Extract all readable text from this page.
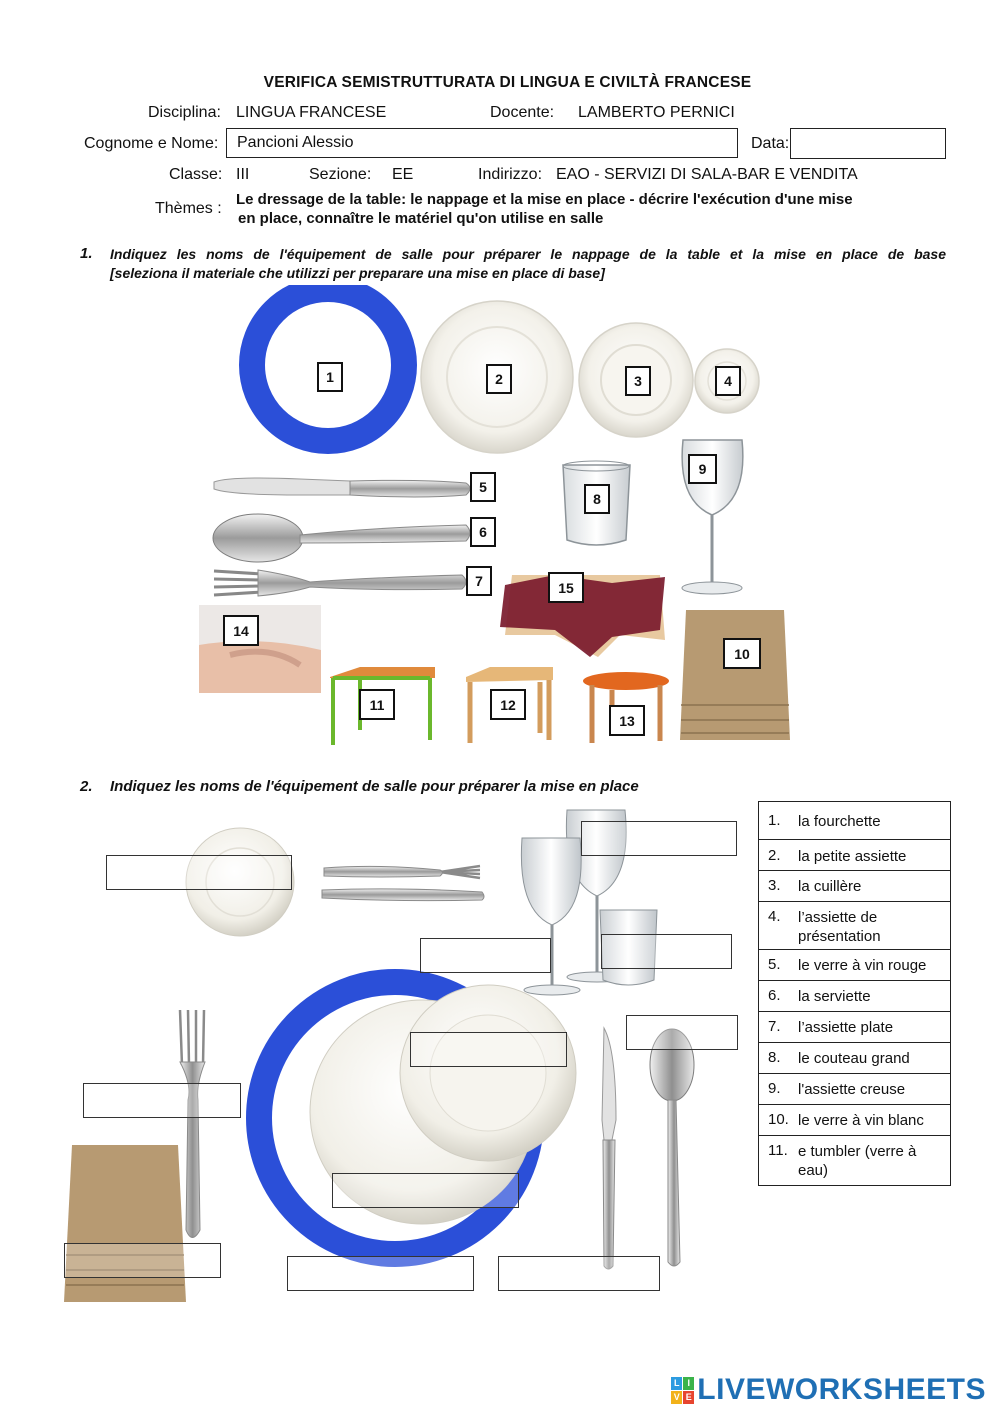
VERIFICA SEMISTRUTTURATA DI LINGUA E CIVILTÀ FRANCESE
Disciplina: LINGUA FRANCESE	Docente: LAMBERTO PERNICI
Cognome e Nome:	Pancioni Alessio	Data:
Classe: III	Sezione: EE	Indirizzo: EAO - SERVIZI DI SALA-BAR E VENDITA
Thèmes :
Le dressage de la table: le nappage et la mise en place - décrire l'exécution d'une mise
en place, connaître le matériel qu'on utilise en salle
1. Indiquez les noms de l'équipement de salle pour préparer le nappage de la table et la mise en place de base
[seleziona il materiale che utilizzi per preparare una mise en place di base]
1	2	3	4
5
6
7
8
9
10
11	12
13
14
15
2. Indiquez les noms de l'équipement de salle pour préparer la mise en place
1. la fourchette
2. la petite assiette
3. la cuillère
4. l’assiette de présentation
5. le verre à vin rouge
6. la serviette
7. l’assiette plate
8. le couteau grand
9. l'assiette creuse
10. le verre à vin blanc
11. e tumbler (verre à eau)
L I
V E LIVEWORKSHEETS
